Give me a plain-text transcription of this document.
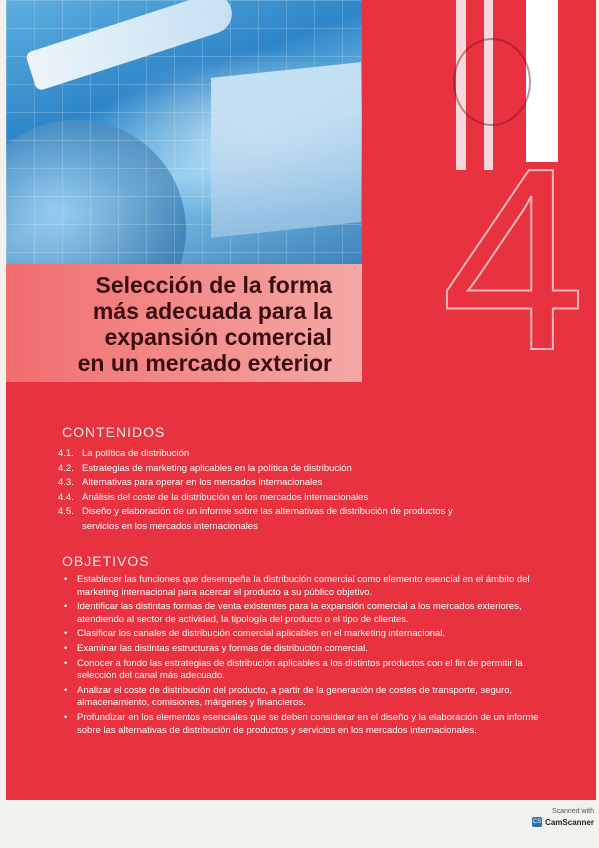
4
Selección de la forma
más adecuada para la
expansión comercial
en un mercado exterior
CONTENIDOS
4.1. La política de distribución
4.2. Estrategias de marketing aplicables en la política de distribución
4.3. Alternativas para operar en los mercados internacionales
4.4. Análisis del coste de la distribución en los mercados internacionales
4.5. Diseño y elaboración de un informe sobre las alternativas de distribución de productos y servicios en los mercados internacionales
OBJETIVOS
• Establecer las funciones que desempeña la distribución comercial como elemento esencial en el ámbito del marketing internacional para acercar el producto a su público objetivo.
• Identificar las distintas formas de venta existentes para la expansión comercial a los mercados exteriores, atendiendo al sector de actividad, la tipología del producto o el tipo de clientes.
• Clasificar los canales de distribución comercial aplicables en el marketing internacional.
• Examinar las distintas estructuras y formas de distribución comercial.
• Conocer a fondo las estrategias de distribución aplicables a los distintos productos con el fin de permitir la selección del canal más adecuado.
• Analizar el coste de distribución del producto, a partir de la generación de costes de transporte, seguro, almacenamiento, comisiones, márgenes y financieros.
• Profundizar en los elementos esenciales que se deben considerar en el diseño y la elaboración de un informe sobre las alternativas de distribución de productos y servicios en los mercados internacionales.
Scanned with
CS CamScanner
